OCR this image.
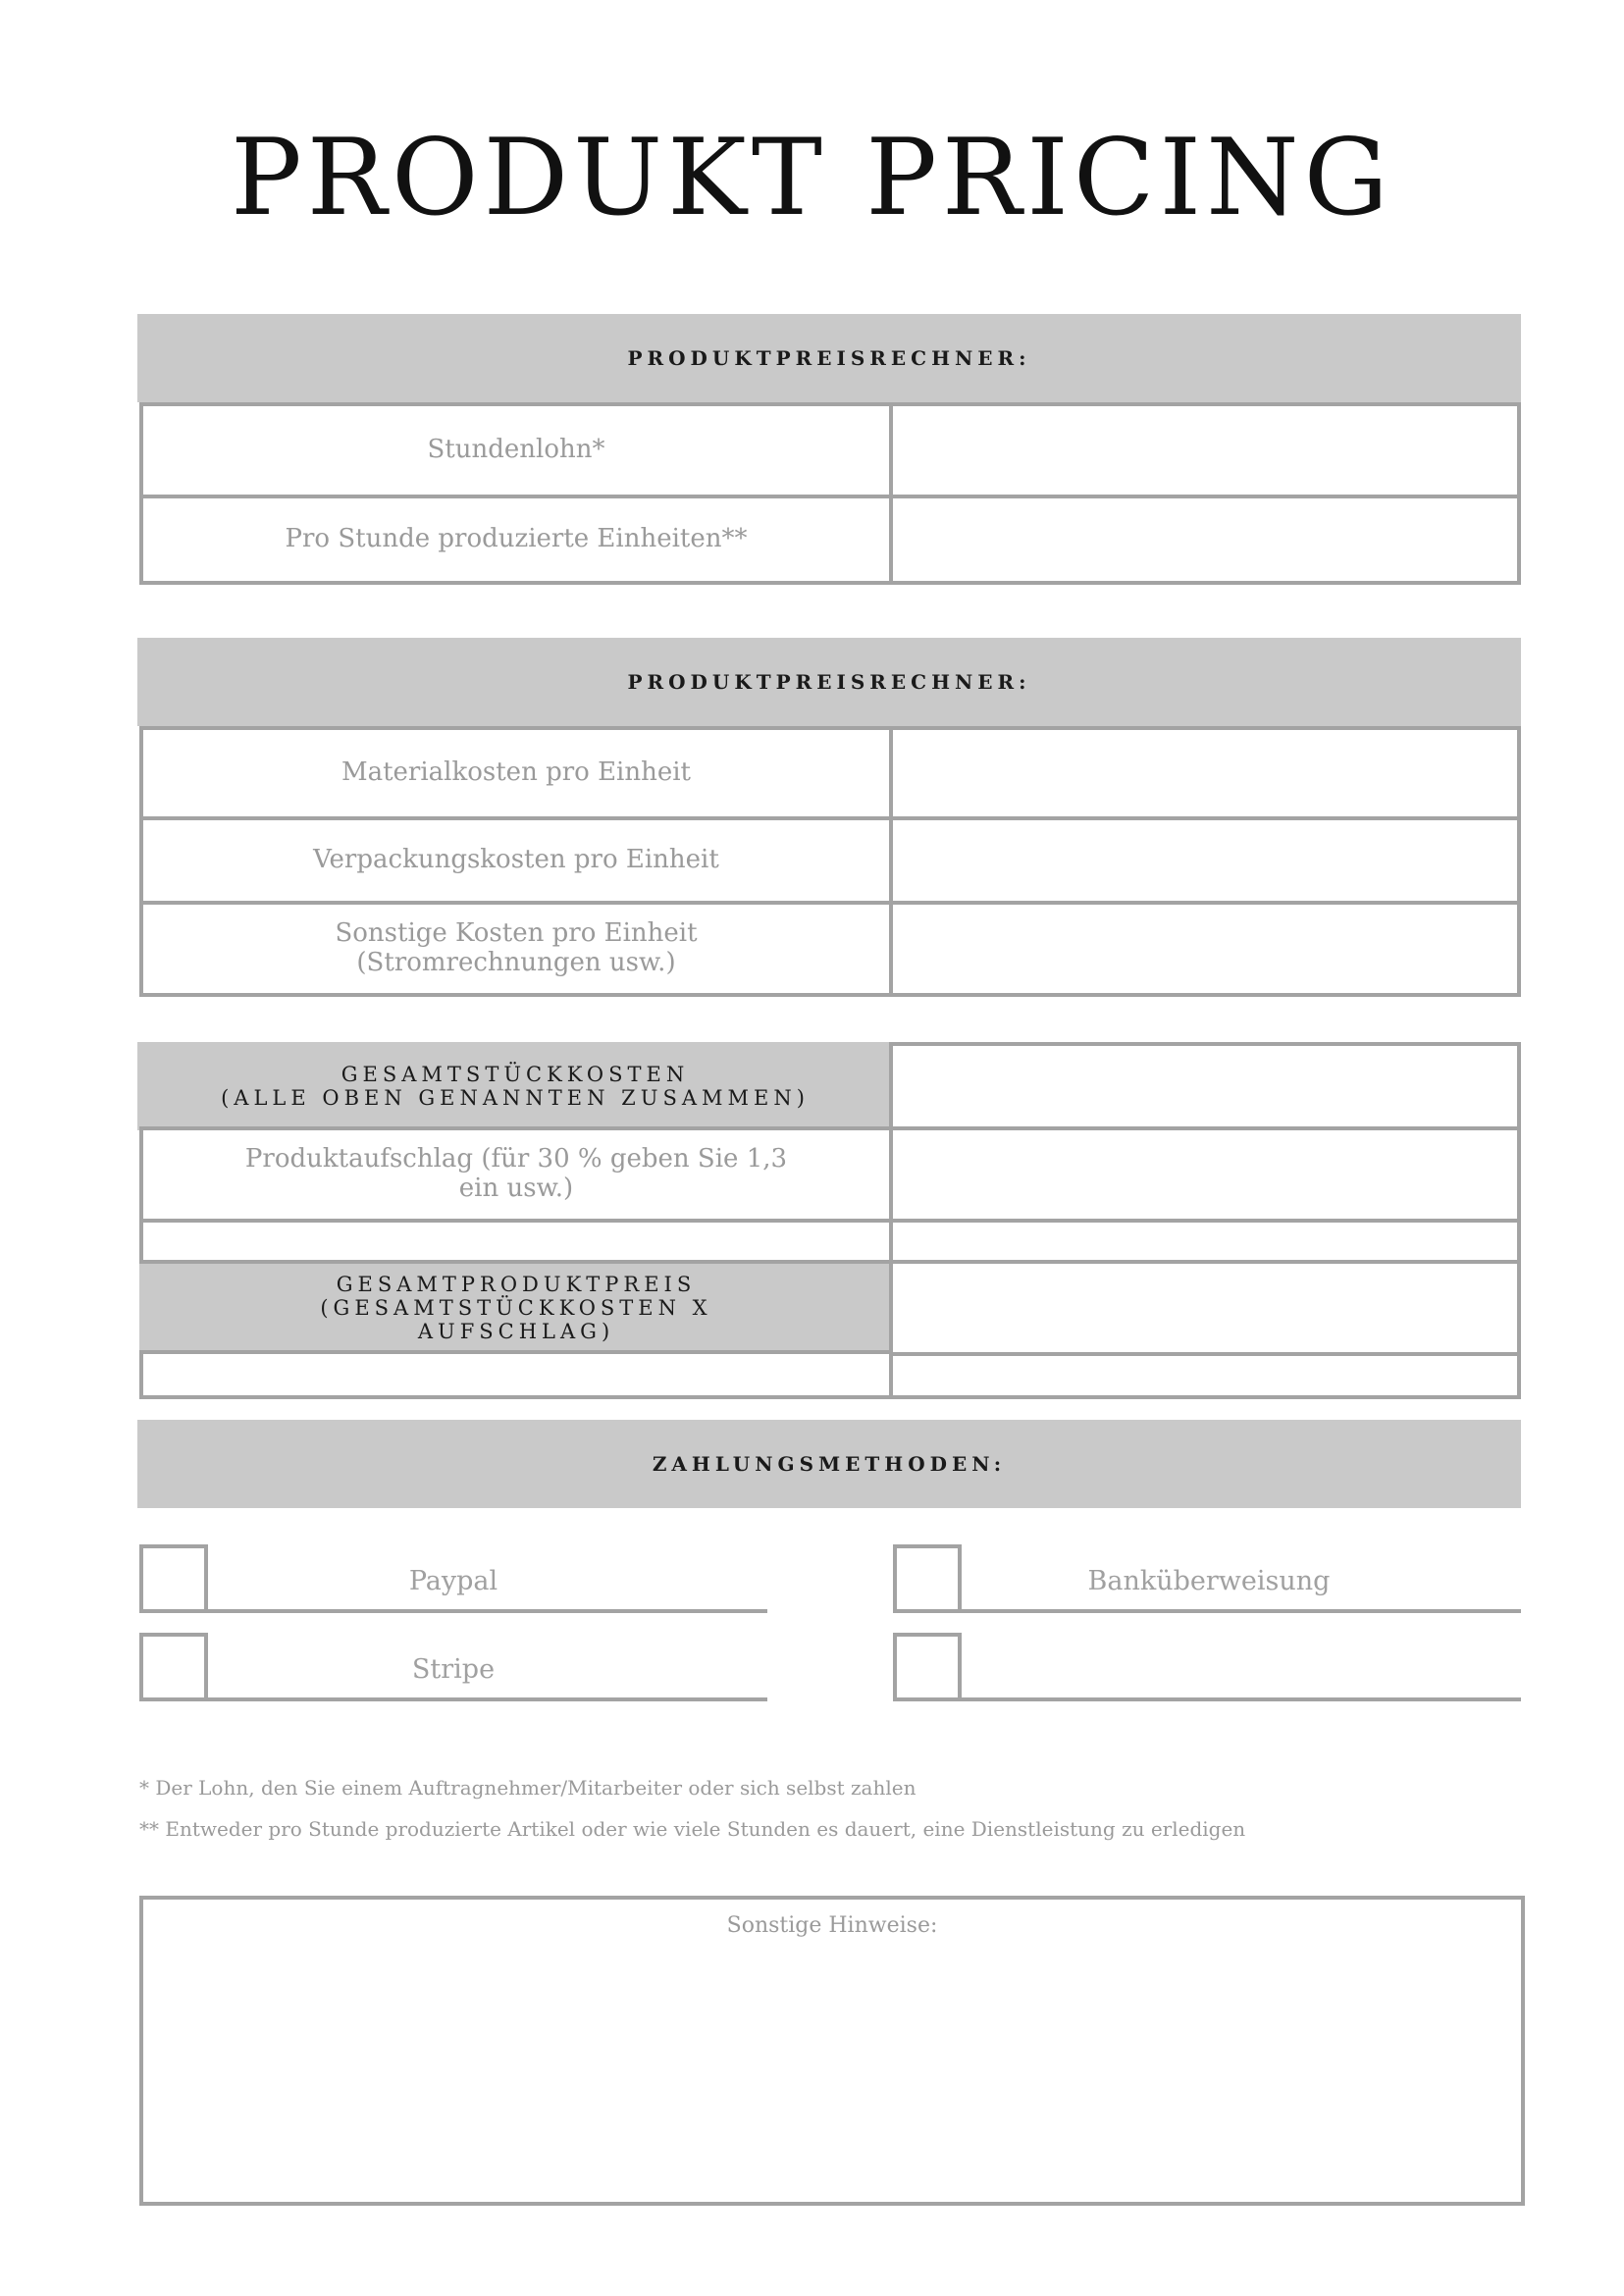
PRODUKT PRICING
PRODUKTPREISRECHNER:
Stundenlohn*
Pro Stunde produzierte Einheiten**
PRODUKTPREISRECHNER:
Materialkosten pro Einheit
Verpackungskosten pro Einheit
Sonstige Kosten pro Einheit
(Stromrechnungen usw.)
GESAMTSTÜCKKOSTEN
(ALLE OBEN GENANNTEN ZUSAMMEN)
Produktaufschlag (für 30 % geben Sie 1,3
ein usw.)
GESAMTPRODUKTPREIS
(GESAMTSTÜCKKOSTEN X
AUFSCHLAG)
ZAHLUNGSMETHODEN:
Paypal	Banküberweisung
Stripe
* Der Lohn, den Sie einem Auftragnehmer/Mitarbeiter oder sich selbst zahlen
** Entweder pro Stunde produzierte Artikel oder wie viele Stunden es dauert, eine Dienstleistung zu erledigen
Sonstige Hinweise:
